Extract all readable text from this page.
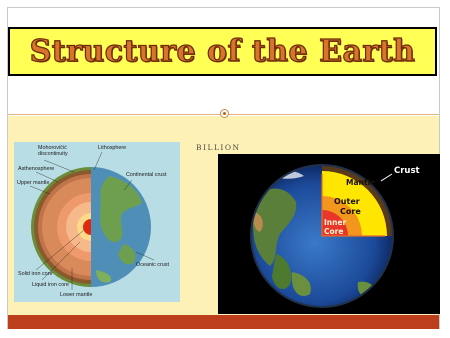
Structure of the Earth
BILLION
Mohorovičić
discontinuity
Lithosphere
Asthenosphere
Upper mantle
Continental crust
Oceanic crust
Solid iron core
Liquid iron core
Lower mantle
Crust
Mantle
Outer
Core
Inner
Core
